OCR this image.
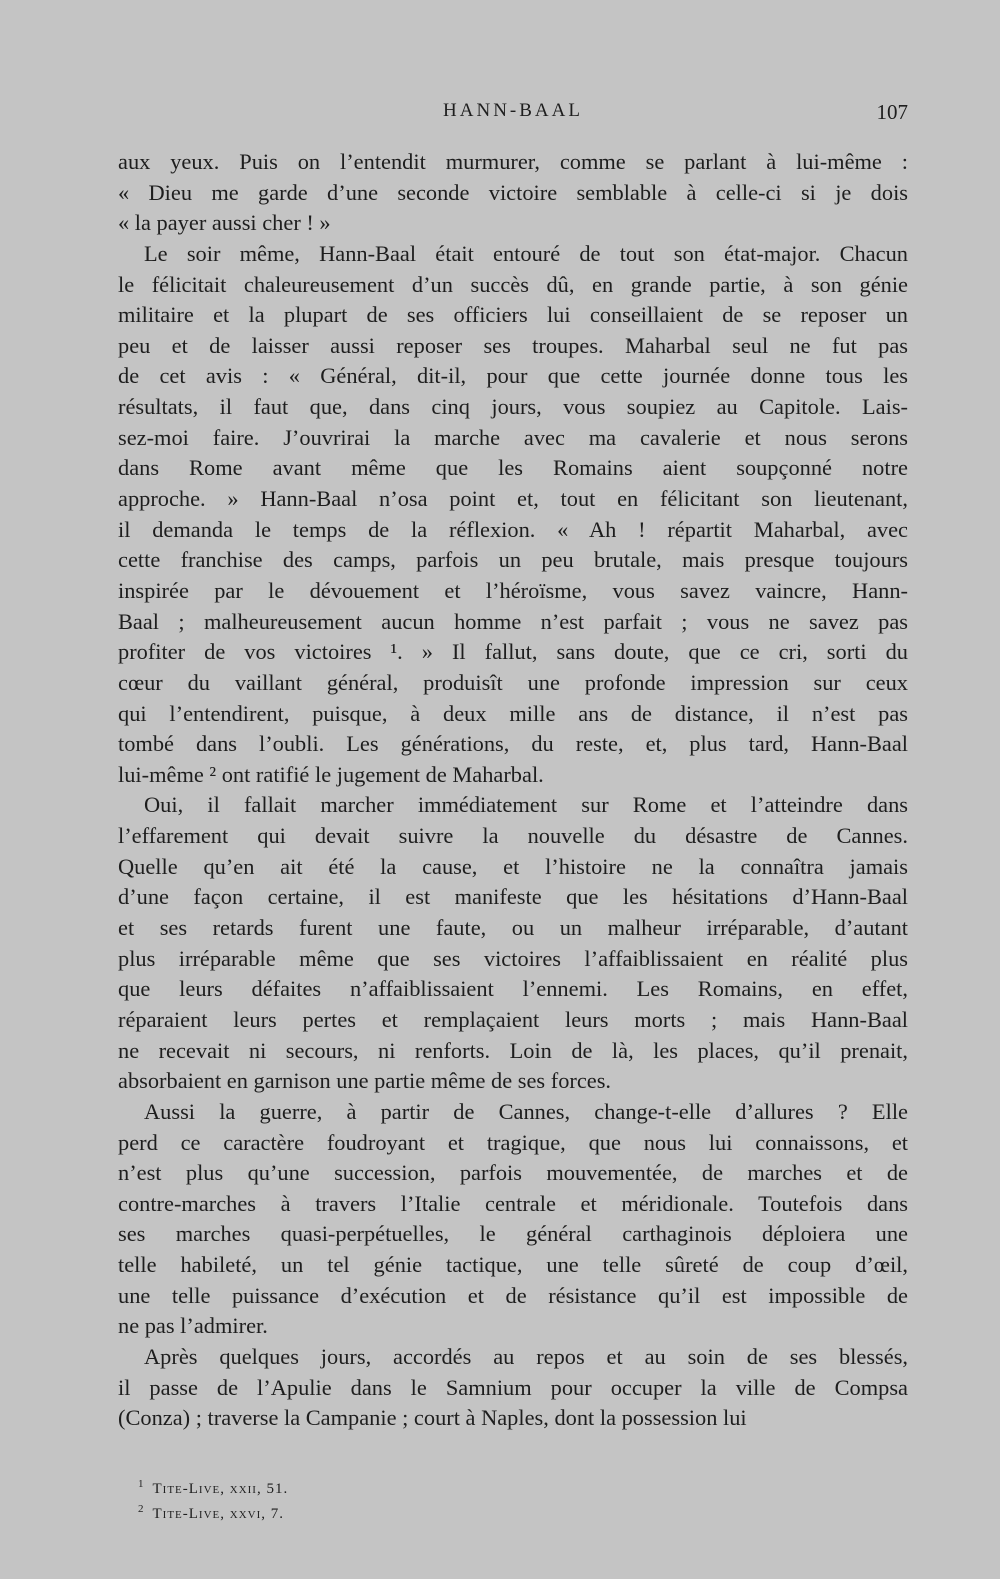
HANN-BAAL	107
aux yeux. Puis on l’entendit murmurer, comme se parlant à lui-même :
« Dieu me garde d’une seconde victoire semblable à celle-ci si je dois
« la payer aussi cher ! »
Le soir même, Hann-Baal était entouré de tout son état-major. Chacun
le félicitait chaleureusement d’un succès dû, en grande partie, à son génie
militaire et la plupart de ses officiers lui conseillaient de se reposer un
peu et de laisser aussi reposer ses troupes. Maharbal seul ne fut pas
de cet avis : « Général, dit-il, pour que cette journée donne tous les
résultats, il faut que, dans cinq jours, vous soupiez au Capitole. Lais-
sez-moi faire. J’ouvrirai la marche avec ma cavalerie et nous serons
dans Rome avant même que les Romains aient soupçonné notre
approche. » Hann-Baal n’osa point et, tout en félicitant son lieutenant,
il demanda le temps de la réflexion. « Ah ! répartit Maharbal, avec
cette franchise des camps, parfois un peu brutale, mais presque toujours
inspirée par le dévouement et l’héroïsme, vous savez vaincre, Hann-
Baal ; malheureusement aucun homme n’est parfait ; vous ne savez pas
profiter de vos victoires ¹. » Il fallut, sans doute, que ce cri, sorti du
cœur du vaillant général, produisît une profonde impression sur ceux
qui l’entendirent, puisque, à deux mille ans de distance, il n’est pas
tombé dans l’oubli. Les générations, du reste, et, plus tard, Hann-Baal
lui-même ² ont ratifié le jugement de Maharbal.
Oui, il fallait marcher immédiatement sur Rome et l’atteindre dans
l’effarement qui devait suivre la nouvelle du désastre de Cannes.
Quelle qu’en ait été la cause, et l’histoire ne la connaîtra jamais
d’une façon certaine, il est manifeste que les hésitations d’Hann-Baal
et ses retards furent une faute, ou un malheur irréparable, d’autant
plus irréparable même que ses victoires l’affaiblissaient en réalité plus
que leurs défaites n’affaiblissaient l’ennemi. Les Romains, en effet,
réparaient leurs pertes et remplaçaient leurs morts ; mais Hann-Baal
ne recevait ni secours, ni renforts. Loin de là, les places, qu’il prenait,
absorbaient en garnison une partie même de ses forces.
Aussi la guerre, à partir de Cannes, change-t-elle d’allures ? Elle
perd ce caractère foudroyant et tragique, que nous lui connaissons, et
n’est plus qu’une succession, parfois mouvementée, de marches et de
contre-marches à travers l’Italie centrale et méridionale. Toutefois dans
ses marches quasi-perpétuelles, le général carthaginois déploiera une
telle habileté, un tel génie tactique, une telle sûreté de coup d’œil,
une telle puissance d’exécution et de résistance qu’il est impossible de
ne pas l’admirer.
Après quelques jours, accordés au repos et au soin de ses blessés,
il passe de l’Apulie dans le Samnium pour occuper la ville de Compsa
(Conza) ; traverse la Campanie ; court à Naples, dont la possession lui
$^1$ Tite-Live, xxii, 51.
$^2$ Tite-Live, xxvi, 7.
